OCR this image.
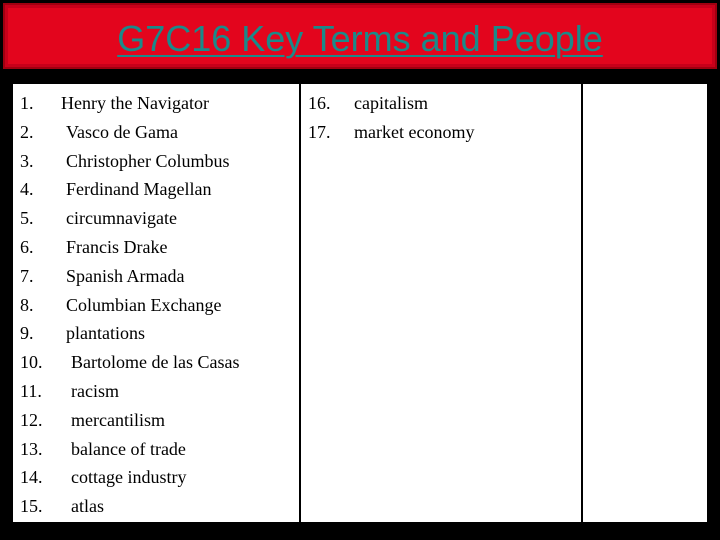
G7C16 Key Terms and People
1. Henry the Navigator
2. Vasco de Gama
3. Christopher Columbus
4. Ferdinand Magellan
5. circumnavigate
6. Francis Drake
7. Spanish Armada
8. Columbian Exchange
9. plantations
10. Bartolome de las Casas
11. racism
12. mercantilism
13. balance of trade
14. cottage industry
15. atlas
16. capitalism
17. market economy
